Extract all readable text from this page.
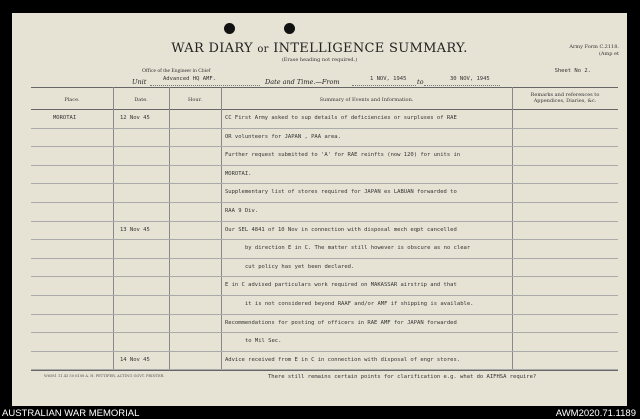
WAR DIARY or INTELLIGENCE SUMMARY.
(Erase heading not required.)
Army Form C.2118.
(Amp et
Sheet No 2.
Office of the Engineer in Chief
Unit	Advanced HQ AMF.	Date and Time.—From	1 NOV, 1945 to	30 NOV, 1945
Place.	Date.	Hour.	Summary of Events and Information.
Remarks and references to
Appendices, Diaries, &c.
MOROTAI	12 Nov 45	CC First Army asked to sup details of deficiencies or surpluses of RAE
OR volunteers for JAPAN , PAA area.
Further request submitted to 'A' for RAE reinfts (now 120) for units in
MOROTAI.
Supplementary list of stores required for JAPAN ex LABUAN forwarded to
RAA 9 Div.
13 Nov 45	Our SEL 4841 of 10 Nov in connection with disposal mech eqpt cancelled
by direction E in C. The matter still however is obscure as no clear
cut policy has yet been declared.
E in C advised particulars work required on MAKASSAR airstrip and that
it is not considered beyond RAAF and/or AMF if shipping is available.
Recommendations for posting of officers in RAE AMF for JAPAN forwarded
to Mil Sec.
14 Nov 45	Advice received from E in C in connection with disposal of engr stores.
W6581 11.43 50 6108 A. H. PETTIFER, ACTING GOVT. PRINTER.	There still remains certain points for clarification e.g. what do AIFHSA require?
AUSTRALIAN WAR MEMORIAL	AWM2020.71.1189
